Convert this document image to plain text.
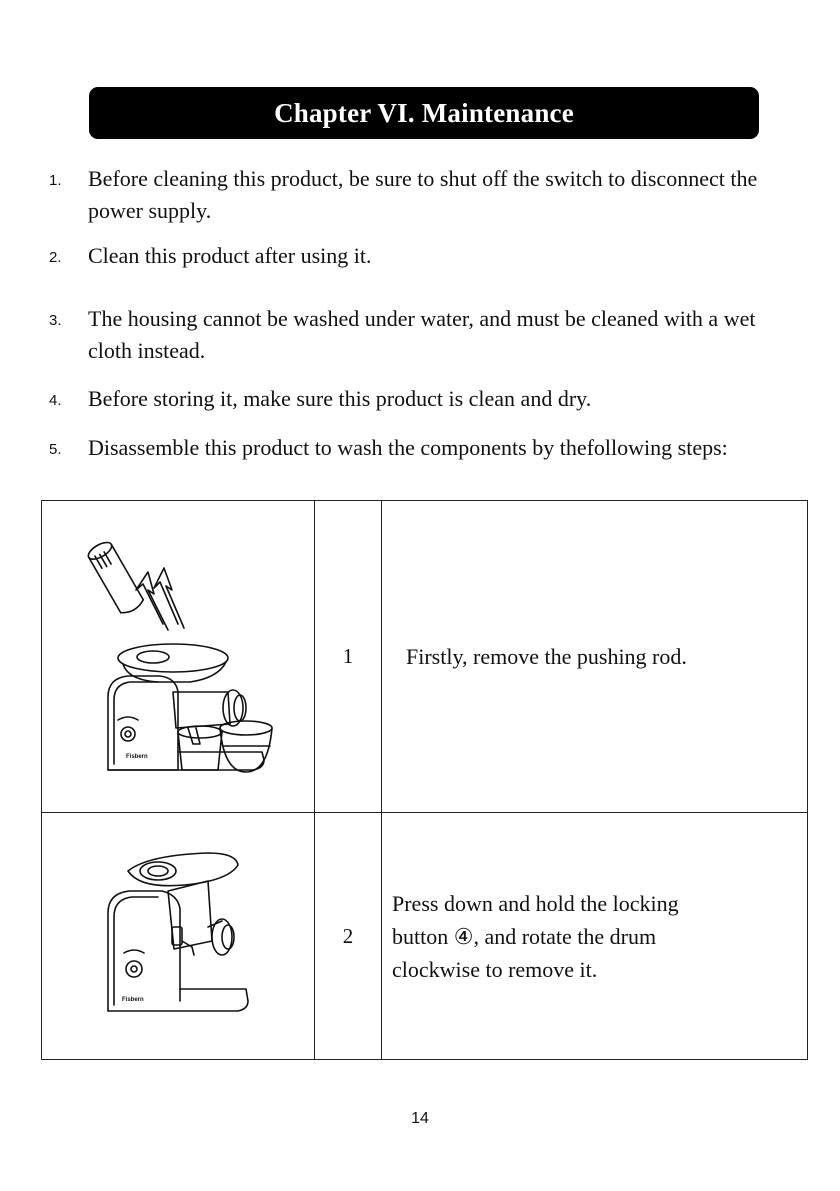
Chapter VI. Maintenance
1. Before cleaning this product, be sure to shut off the switch to disconnect the power supply.
2. Clean this product after using it.
3. The housing cannot be washed under water, and must be cleaned with a wet cloth instead.
4. Before storing it, make sure this product is clean and dry.
5. Disassemble this product to wash the components by thefollowing steps:
Fisbern	1	Firstly, remove the pushing rod.

Fisbern	2	Press down and hold the locking button ④, and rotate the drum clockwise to remove it.
14
